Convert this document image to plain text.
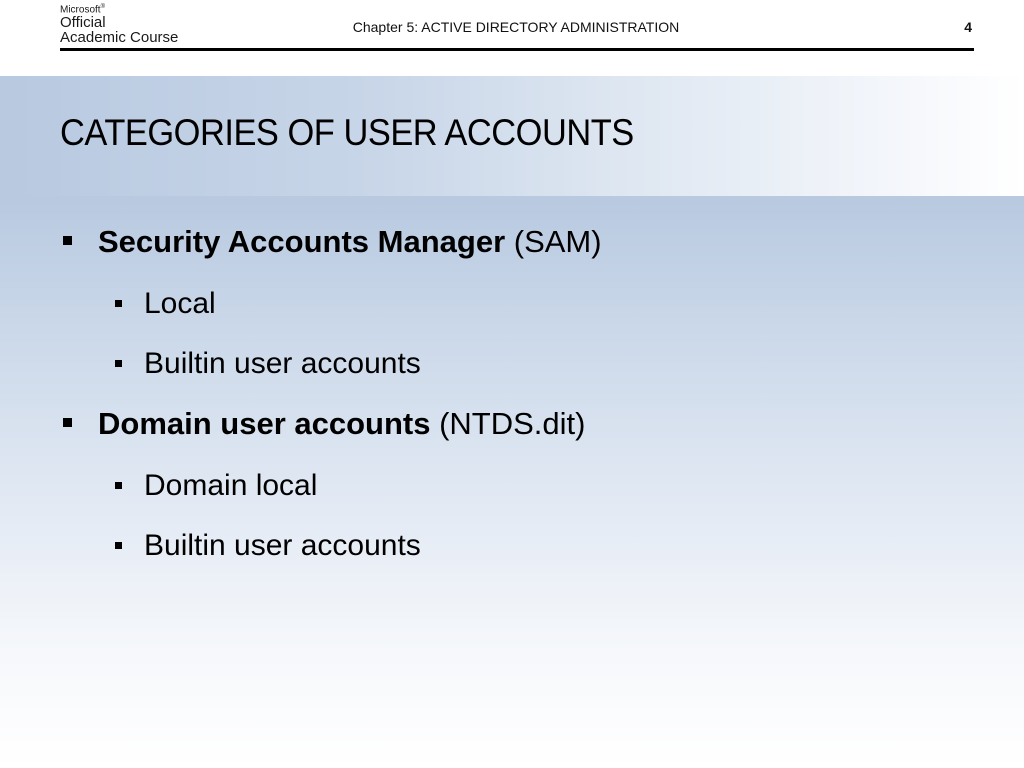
Microsoft®
Official
Academic Course
Chapter 5: ACTIVE DIRECTORY ADMINISTRATION	4
CATEGORIES OF USER ACCOUNTS
Security Accounts Manager (SAM)
Local
Builtin user accounts
Domain user accounts (NTDS.dit)
Domain local
Builtin user accounts
